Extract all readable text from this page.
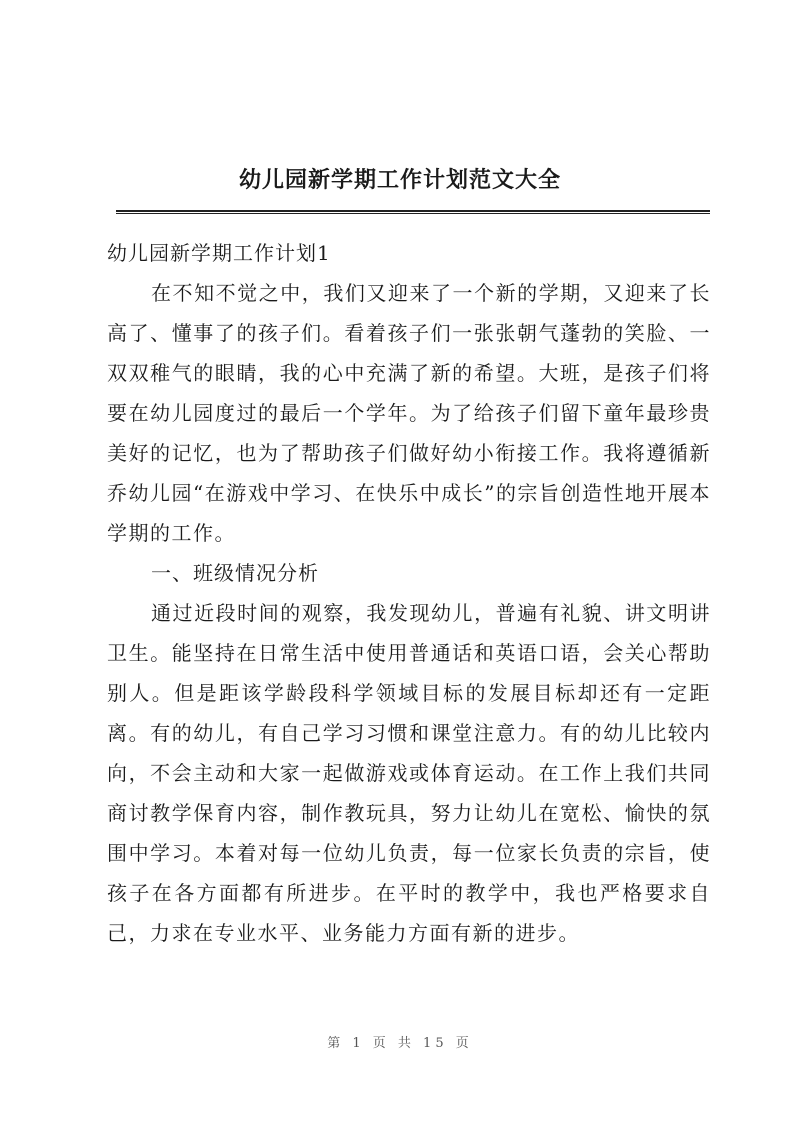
幼儿园新学期工作计划范文大全

幼儿园新学期工作计划1

在不知不觉之中，我们又迎来了一个新的学期，又迎来了长高了、懂事了的孩子们。看着孩子们一张张朝气蓬勃的笑脸、一双双稚气的眼睛，我的心中充满了新的希望。大班，是孩子们将要在幼儿园度过的最后一个学年。为了给孩子们留下童年最珍贵美好的记忆，也为了帮助孩子们做好幼小衔接工作。我将遵循新乔幼儿园“在游戏中学习、在快乐中成长”的宗旨创造性地开展本学期的工作。

一、班级情况分析

通过近段时间的观察，我发现幼儿，普遍有礼貌、讲文明讲卫生。能坚持在日常生活中使用普通话和英语口语，会关心帮助别人。但是距该学龄段科学领域目标的发展目标却还有一定距离。有的幼儿，有自己学习习惯和课堂注意力。有的幼儿比较内向，不会主动和大家一起做游戏或体育运动。在工作上我们共同商讨教学保育内容，制作教玩具，努力让幼儿在宽松、愉快的氛围中学习。本着对每一位幼儿负责，每一位家长负责的宗旨，使孩子在各方面都有所进步。在平时的教学中，我也严格要求自己，力求在专业水平、业务能力方面有新的进步。

第 1 页 共 15 页
